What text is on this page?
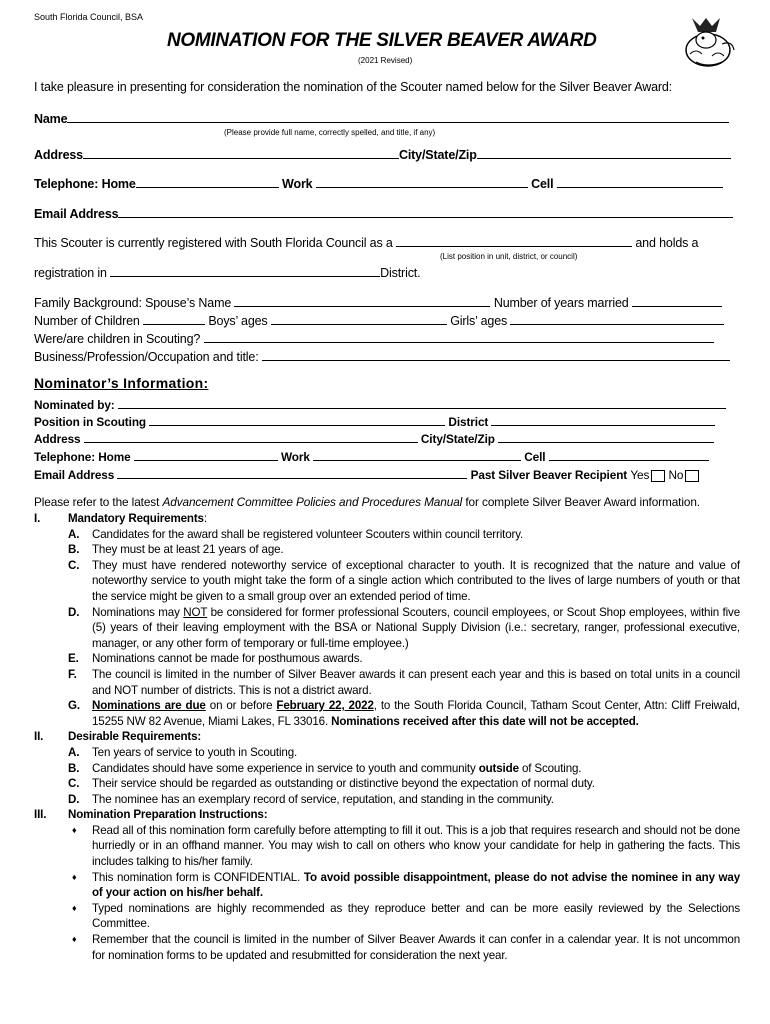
South Florida Council, BSA
NOMINATION FOR THE SILVER BEAVER AWARD
(2021 Revised)
I take pleasure in presenting for consideration the nomination of the Scouter named below for the Silver Beaver Award:
Name
(Please provide full name, correctly spelled, and title, if any)
Address	City/State/Zip
Telephone: Home	Work	Cell
Email Address
This Scouter is currently registered with South Florida Council as a	and holds a
(List position in unit, district, or council)
registration in	District.
Family Background: Spouse’s Name	Number of years married
Number of Children	Boys’ ages	Girls’ ages
Were/are children in Scouting?
Business/Profession/Occupation and title:
Nominator’s Information:
Nominated by:
Position in Scouting	District
Address	City/State/Zip
Telephone: Home	Work	Cell
Email Address	Past Silver Beaver Recipient Yes No
Please refer to the latest Advancement Committee Policies and Procedures Manual for complete Silver Beaver Award information.
I.	Mandatory Requirements:
A. Candidates for the award shall be registered volunteer Scouters within council territory.
B. They must be at least 21 years of age.
C. They must have rendered noteworthy service of exceptional character to youth. It is recognized that the nature and value of noteworthy service to youth might take the form of a single action which contributed to the lives of large numbers of youth or that the service might be given to a small group over an extended period of time.
D. Nominations may NOT be considered for former professional Scouters, council employees, or Scout Shop employees, within five (5) years of their leaving employment with the BSA or National Supply Division (i.e.: secretary, ranger, professional executive, manager, or any other form of temporary or full-time employee.)
E. Nominations cannot be made for posthumous awards.
F. The council is limited in the number of Silver Beaver awards it can present each year and this is based on total units in a council and NOT number of districts. This is not a district award.
G. Nominations are due on or before February 22, 2022, to the South Florida Council, Tatham Scout Center, Attn: Cliff Freiwald, 15255 NW 82 Avenue, Miami Lakes, FL 33016. Nominations received after this date will not be accepted.
II.	Desirable Requirements:
A. Ten years of service to youth in Scouting.
B. Candidates should have some experience in service to youth and community outside of Scouting.
C. Their service should be regarded as outstanding or distinctive beyond the expectation of normal duty.
D. The nominee has an exemplary record of service, reputation, and standing in the community.
III.	Nomination Preparation Instructions:
♦ Read all of this nomination form carefully before attempting to fill it out. This is a job that requires research and should not be done hurriedly or in an offhand manner. You may wish to call on others who know your candidate for help in gathering the facts. This includes talking to his/her family.
♦ This nomination form is CONFIDENTIAL. To avoid possible disappointment, please do not advise the nominee in any way of your action on his/her behalf.
♦ Typed nominations are highly recommended as they reproduce better and can be more easily reviewed by the Selections Committee.
♦ Remember that the council is limited in the number of Silver Beaver Awards it can confer in a calendar year. It is not uncommon for nomination forms to be updated and resubmitted for consideration the next year.
